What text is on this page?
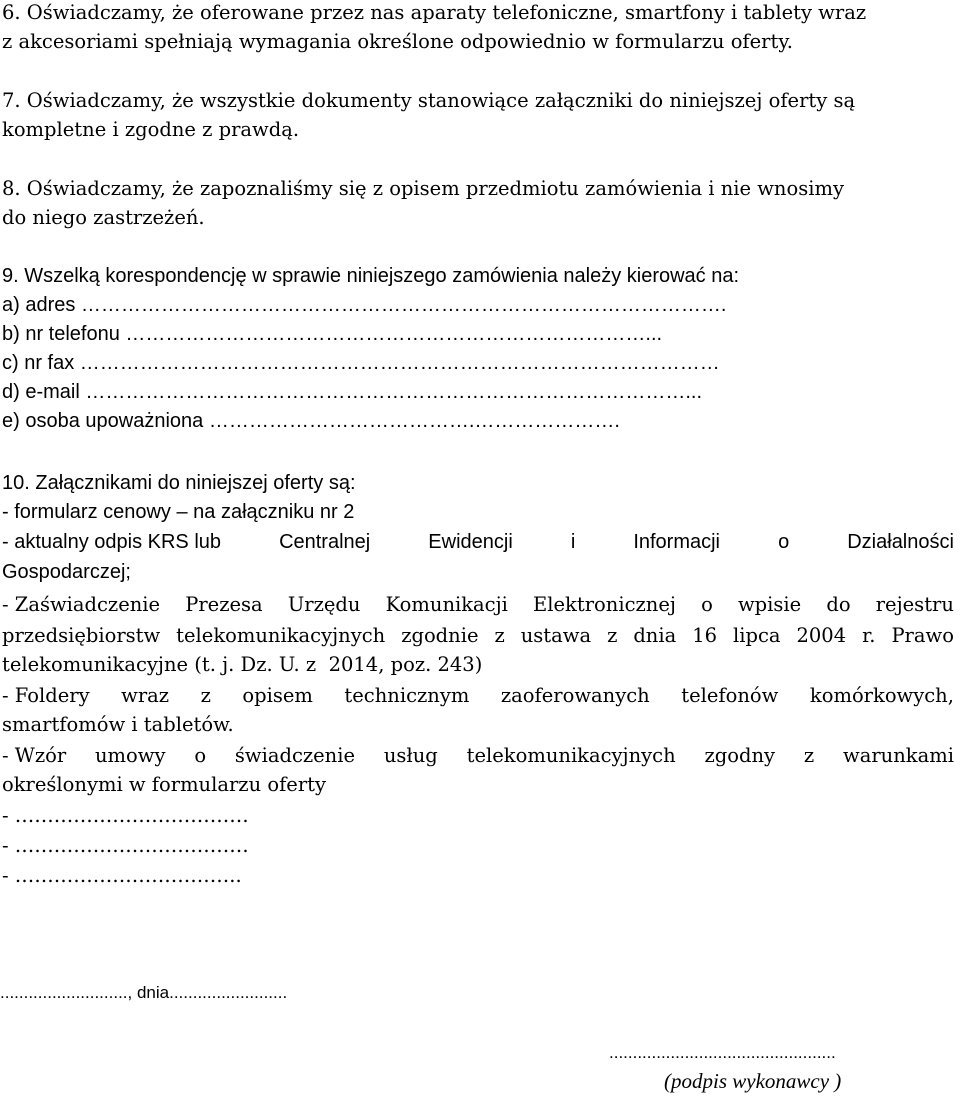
6. Oświadczamy, że oferowane przez nas aparaty telefoniczne, smartfony i tablety wraz
z akcesoriami spełniają wymagania określone odpowiednio w formularzu oferty.
7. Oświadczamy, że wszystkie dokumenty stanowiące załączniki do niniejszej oferty są
kompletne i zgodne z prawdą.
8. Oświadczamy, że zapoznaliśmy się z opisem przedmiotu zamówienia i nie wnosimy
do niego zastrzeżeń.
9. Wszelką korespondencję w sprawie niniejszego zamówienia należy kierować na:
a) adres …………………………………………………………………………………….
b) nr telefonu ……………………………………………………………………...
c) nr fax ……………………………………………………………………………………
d) e-mail ………………………………………………………………………………...
e) osoba upoważniona ………………………………….………………….
10. Załącznikami do niniejszej oferty są:
- formularz cenowy – na załączniku nr 2
- aktualny odpis KRS lub	Centralnej	Ewidencji	i	Informacji	o	Działalności
Gospodarczej;
- Zaświadczenie Prezesa Urzędu Komunikacji Elektronicznej o wpisie do rejestru
przedsiębiorstw telekomunikacyjnych zgodnie z ustawa z dnia 16 lipca 2004 r. Prawo
telekomunikacyjne (t. j. Dz. U. z  2014, poz. 243)
- Foldery wraz z opisem technicznym zaoferowanych telefonów komórkowych,
smartfomów i tabletów.
- Wzór umowy o świadczenie usług telekomunikacyjnych zgodny z warunkami
określonymi w formularzu oferty
- ………………………………
- ………………………………
- ……………………………..
..........................., dnia.........................
................................................
(podpis wykonawcy )
